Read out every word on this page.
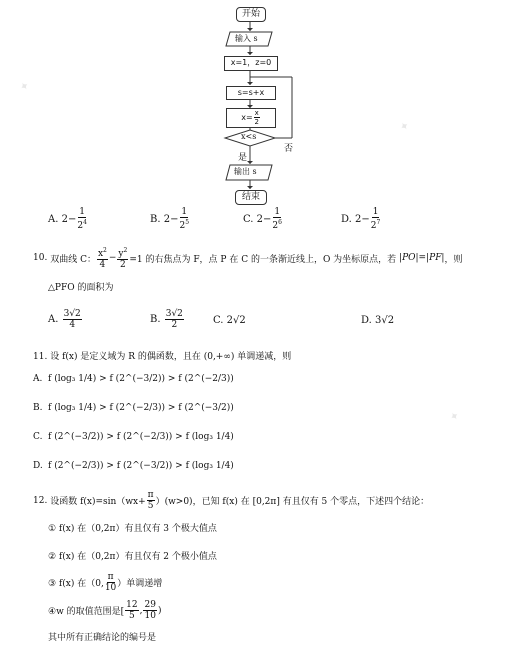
✦
✦
✦
开始
输入 s
x=1，z=0
s=s+x
$x= \frac{x}{2}$
x<s
否
是
输出 s
结束
A.
$2- \frac{1}{2^4}$	B.
$2- \frac{1}{2^5}$	C.
$2- \frac{1}{2^6}$	D.
$2- \frac{1}{2^7}$
10.
双曲线 C： $\frac{x^2}{4} - \frac{y^2}{2} =1$ 的右焦点为 F，点 P 在 C 的一条渐近线上，O 为坐标原点，若
|PO|=|PF| ，则
△PFO 的面积为
A.
$\frac{3√2}{4}$	B.
$\frac{3√2}{2}$	C.
2√2	D.
3√2
11. 设 f(x) 是定义域为 R 的偶函数，且在 (0,+∞) 单调递减，则
f (log₃ 1/4) > f (2^(−3/2)) > f (2^(−2/3))
A.
f (log₃ 1/4) > f (2^(−2/3)) > f (2^(−3/2))
B.
f (2^(−3/2)) > f (2^(−2/3)) > f (log₃ 1/4)
C.
f (2^(−2/3)) > f (2^(−3/2)) > f (log₃ 1/4)
D.
12.
设函数 $f(x)=\sin(wx+ \frac{\pi}{5} )(w>0)$，已知 f(x) 在 [0,2π] 有且仅有 5 个零点，下述四个结论：
① f(x) 在（0,2π）有且仅有 3 个极大值点
② f(x) 在（0,2π）有且仅有 2 个极小值点
③ f(x) 在（0, $\frac{\pi}{10}$ ）单调递增
④w 的取值范围是[ $\frac{12}{5}$ , $\frac{29}{10}$ )
其中所有正确结论的编号是
